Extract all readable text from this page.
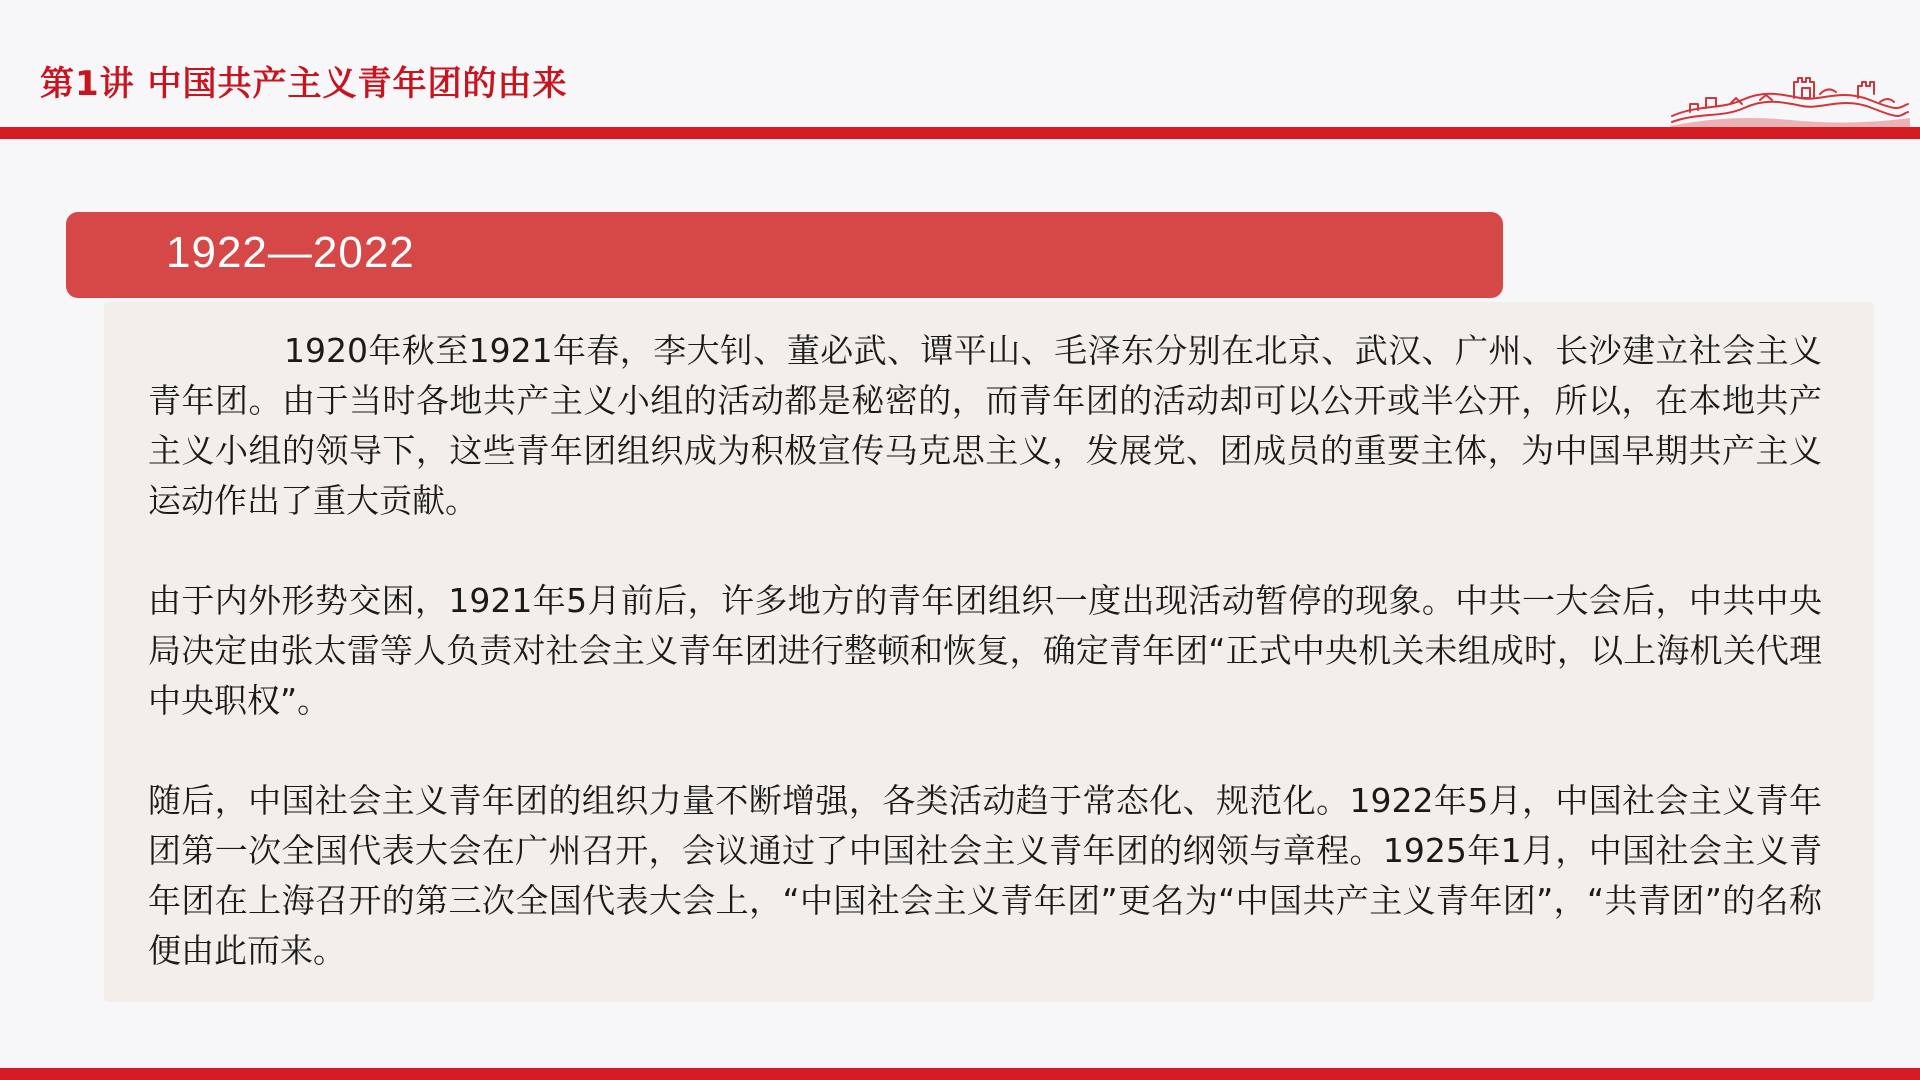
第1讲 中国共产主义青年团的由来
1922—2022

1920年秋至1921年春，李大钊、董必武、谭平山、毛泽东分别在北京、武汉、广州、长沙建立社会主义青年团。由于当时各地共产主义小组的活动都是秘密的，而青年团的活动却可以公开或半公开，所以，在本地共产主义小组的领导下，这些青年团组织成为积极宣传马克思主义，发展党、团成员的重要主体，为中国早期共产主义运动作出了重大贡献。

由于内外形势交困，1921年5月前后，许多地方的青年团组织一度出现活动暂停的现象。中共一大会后，中共中央局决定由张太雷等人负责对社会主义青年团进行整顿和恢复，确定青年团“正式中央机关未组成时，以上海机关代理中央职权”。

随后，中国社会主义青年团的组织力量不断增强，各类活动趋于常态化、规范化。1922年5月，中国社会主义青年团第一次全国代表大会在广州召开，会议通过了中国社会主义青年团的纲领与章程。1925年1月，中国社会主义青年团在上海召开的第三次全国代表大会上，“中国社会主义青年团”更名为“中国共产主义青年团”，“共青团”的名称便由此而来。
